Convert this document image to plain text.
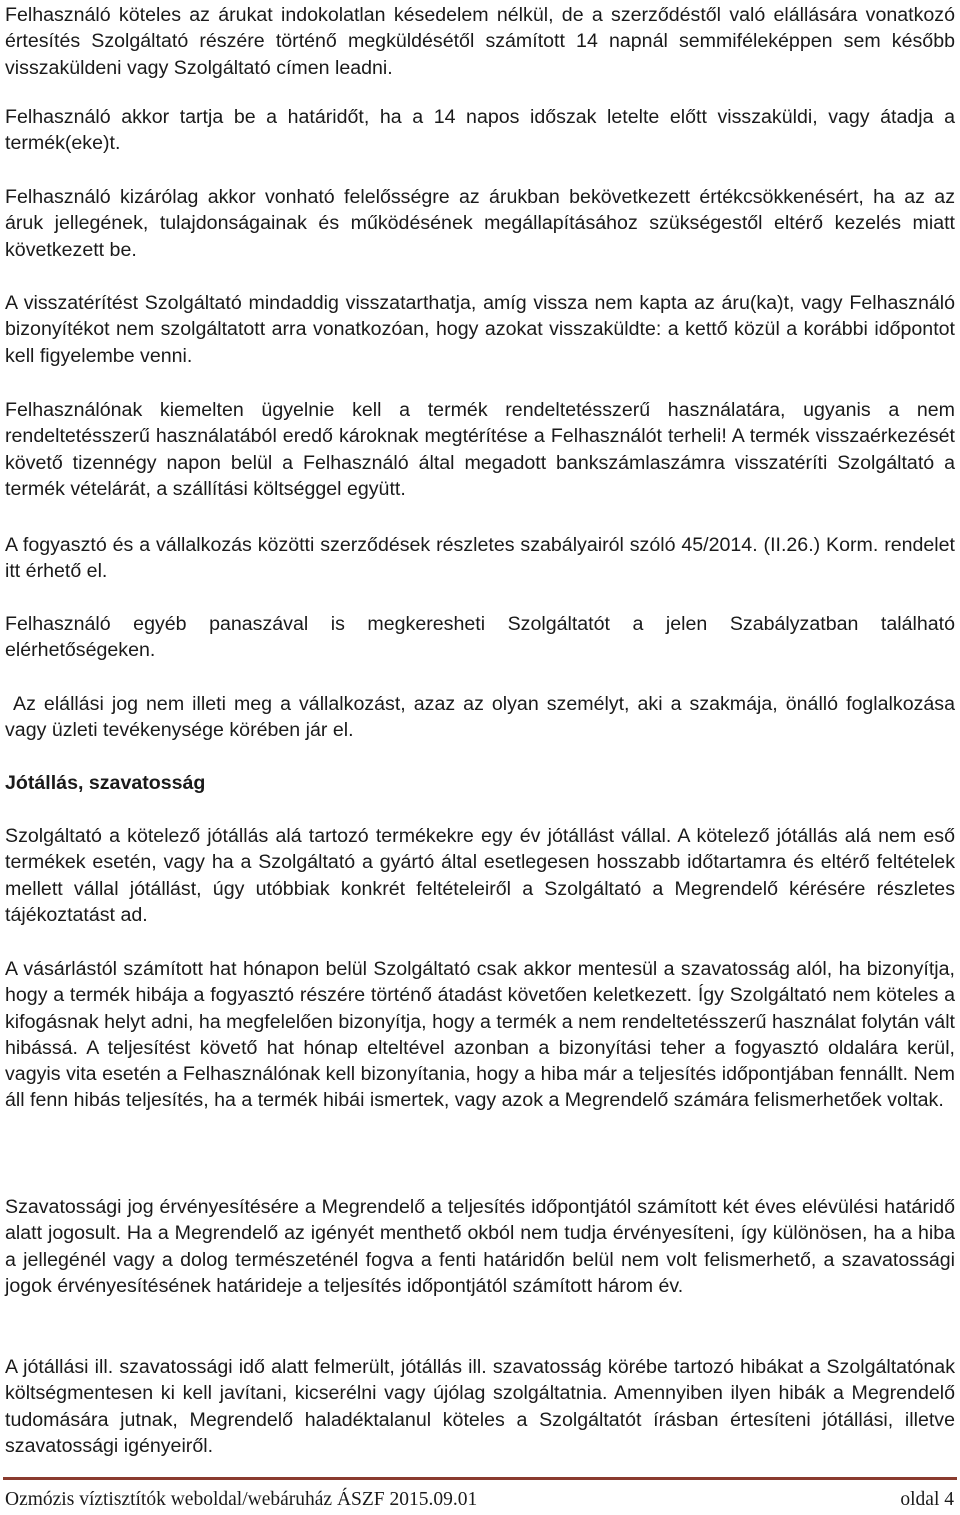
Felhasználó köteles az árukat indokolatlan késedelem nélkül, de a szerződéstől való elállására vonatkozó értesítés Szolgáltató részére történő megküldésétől számított 14 napnál semmiféleképpen sem később visszaküldeni vagy Szolgáltató címen leadni.

Felhasználó akkor tartja be a határidőt, ha a 14 napos időszak letelte előtt visszaküldi, vagy átadja a termék(eke)t.

Felhasználó kizárólag akkor vonható felelősségre az árukban bekövetkezett értékcsökkenésért, ha az az áruk jellegének, tulajdonságainak és működésének megállapításához szükségestől eltérő kezelés miatt következett be.

A visszatérítést Szolgáltató mindaddig visszatarthatja, amíg vissza nem kapta az áru(ka)t, vagy Felhasználó bizonyítékot nem szolgáltatott arra vonatkozóan, hogy azokat visszaküldte: a kettő közül a korábbi időpontot kell figyelembe venni.

Felhasználónak kiemelten ügyelnie kell a termék rendeltetésszerű használatára, ugyanis a nem rendeltetésszerű használatából eredő károknak megtérítése a Felhasználót terheli! A termék visszaérkezését követő tizennégy napon belül a Felhasználó által megadott bankszámlaszámra visszatéríti Szolgáltató a termék vételárát, a szállítási költséggel együtt.

A fogyasztó és a vállalkozás közötti szerződések részletes szabályairól szóló 45/2014. (II.26.) Korm. rendelet itt érhető el.

Felhasználó egyéb panaszával is megkeresheti Szolgáltatót a jelen Szabályzatban található elérhetőségeken.

Az elállási jog nem illeti meg a vállalkozást, azaz az olyan személyt, aki a szakmája, önálló foglalkozása vagy üzleti tevékenysége körében jár el.

Jótállás, szavatosság

Szolgáltató a kötelező jótállás alá tartozó termékekre egy év jótállást vállal. A kötelező jótállás alá nem eső termékek esetén, vagy ha a Szolgáltató a gyártó által esetlegesen hosszabb időtartamra és eltérő feltételek mellett vállal jótállást, úgy utóbbiak konkrét feltételeiről a Szolgáltató a Megrendelő kérésére részletes tájékoztatást ad.

A vásárlástól számított hat hónapon belül Szolgáltató csak akkor mentesül a szavatosság alól, ha bizonyítja, hogy a termék hibája a fogyasztó részére történő átadást követően keletkezett. Így Szolgáltató nem köteles a kifogásnak helyt adni, ha megfelelően bizonyítja, hogy a termék a nem rendeltetésszerű használat folytán vált hibássá. A teljesítést követő hat hónap elteltével azonban a bizonyítási teher a fogyasztó oldalára kerül, vagyis vita esetén a Felhasználónak kell bizonyítania, hogy a hiba már a teljesítés időpontjában fennállt. Nem áll fenn hibás teljesítés, ha a termék hibái ismertek, vagy azok a Megrendelő számára felismerhetőek voltak.

Szavatossági jog érvényesítésére a Megrendelő a teljesítés időpontjától számított két éves elévülési határidő alatt jogosult. Ha a Megrendelő az igényét menthető okból nem tudja érvényesíteni, így különösen, ha a hiba a jellegénél vagy a dolog természeténél fogva a fenti határidőn belül nem volt felismerhető, a szavatossági jogok érvényesítésének határideje a teljesítés időpontjától számított három év.

A jótállási ill. szavatossági idő alatt felmerült, jótállás ill. szavatosság körébe tartozó hibákat a Szolgáltatónak költségmentesen ki kell javítani, kicserélni vagy újólag szolgáltatnia. Amennyiben ilyen hibák a Megrendelő tudomására jutnak, Megrendelő haladéktalanul köteles a Szolgáltatót írásban értesíteni jótállási, illetve szavatossági igényeiről.

Ozmózis víztisztítók weboldal/webáruház ÁSZF 2015.09.01	oldal 4
